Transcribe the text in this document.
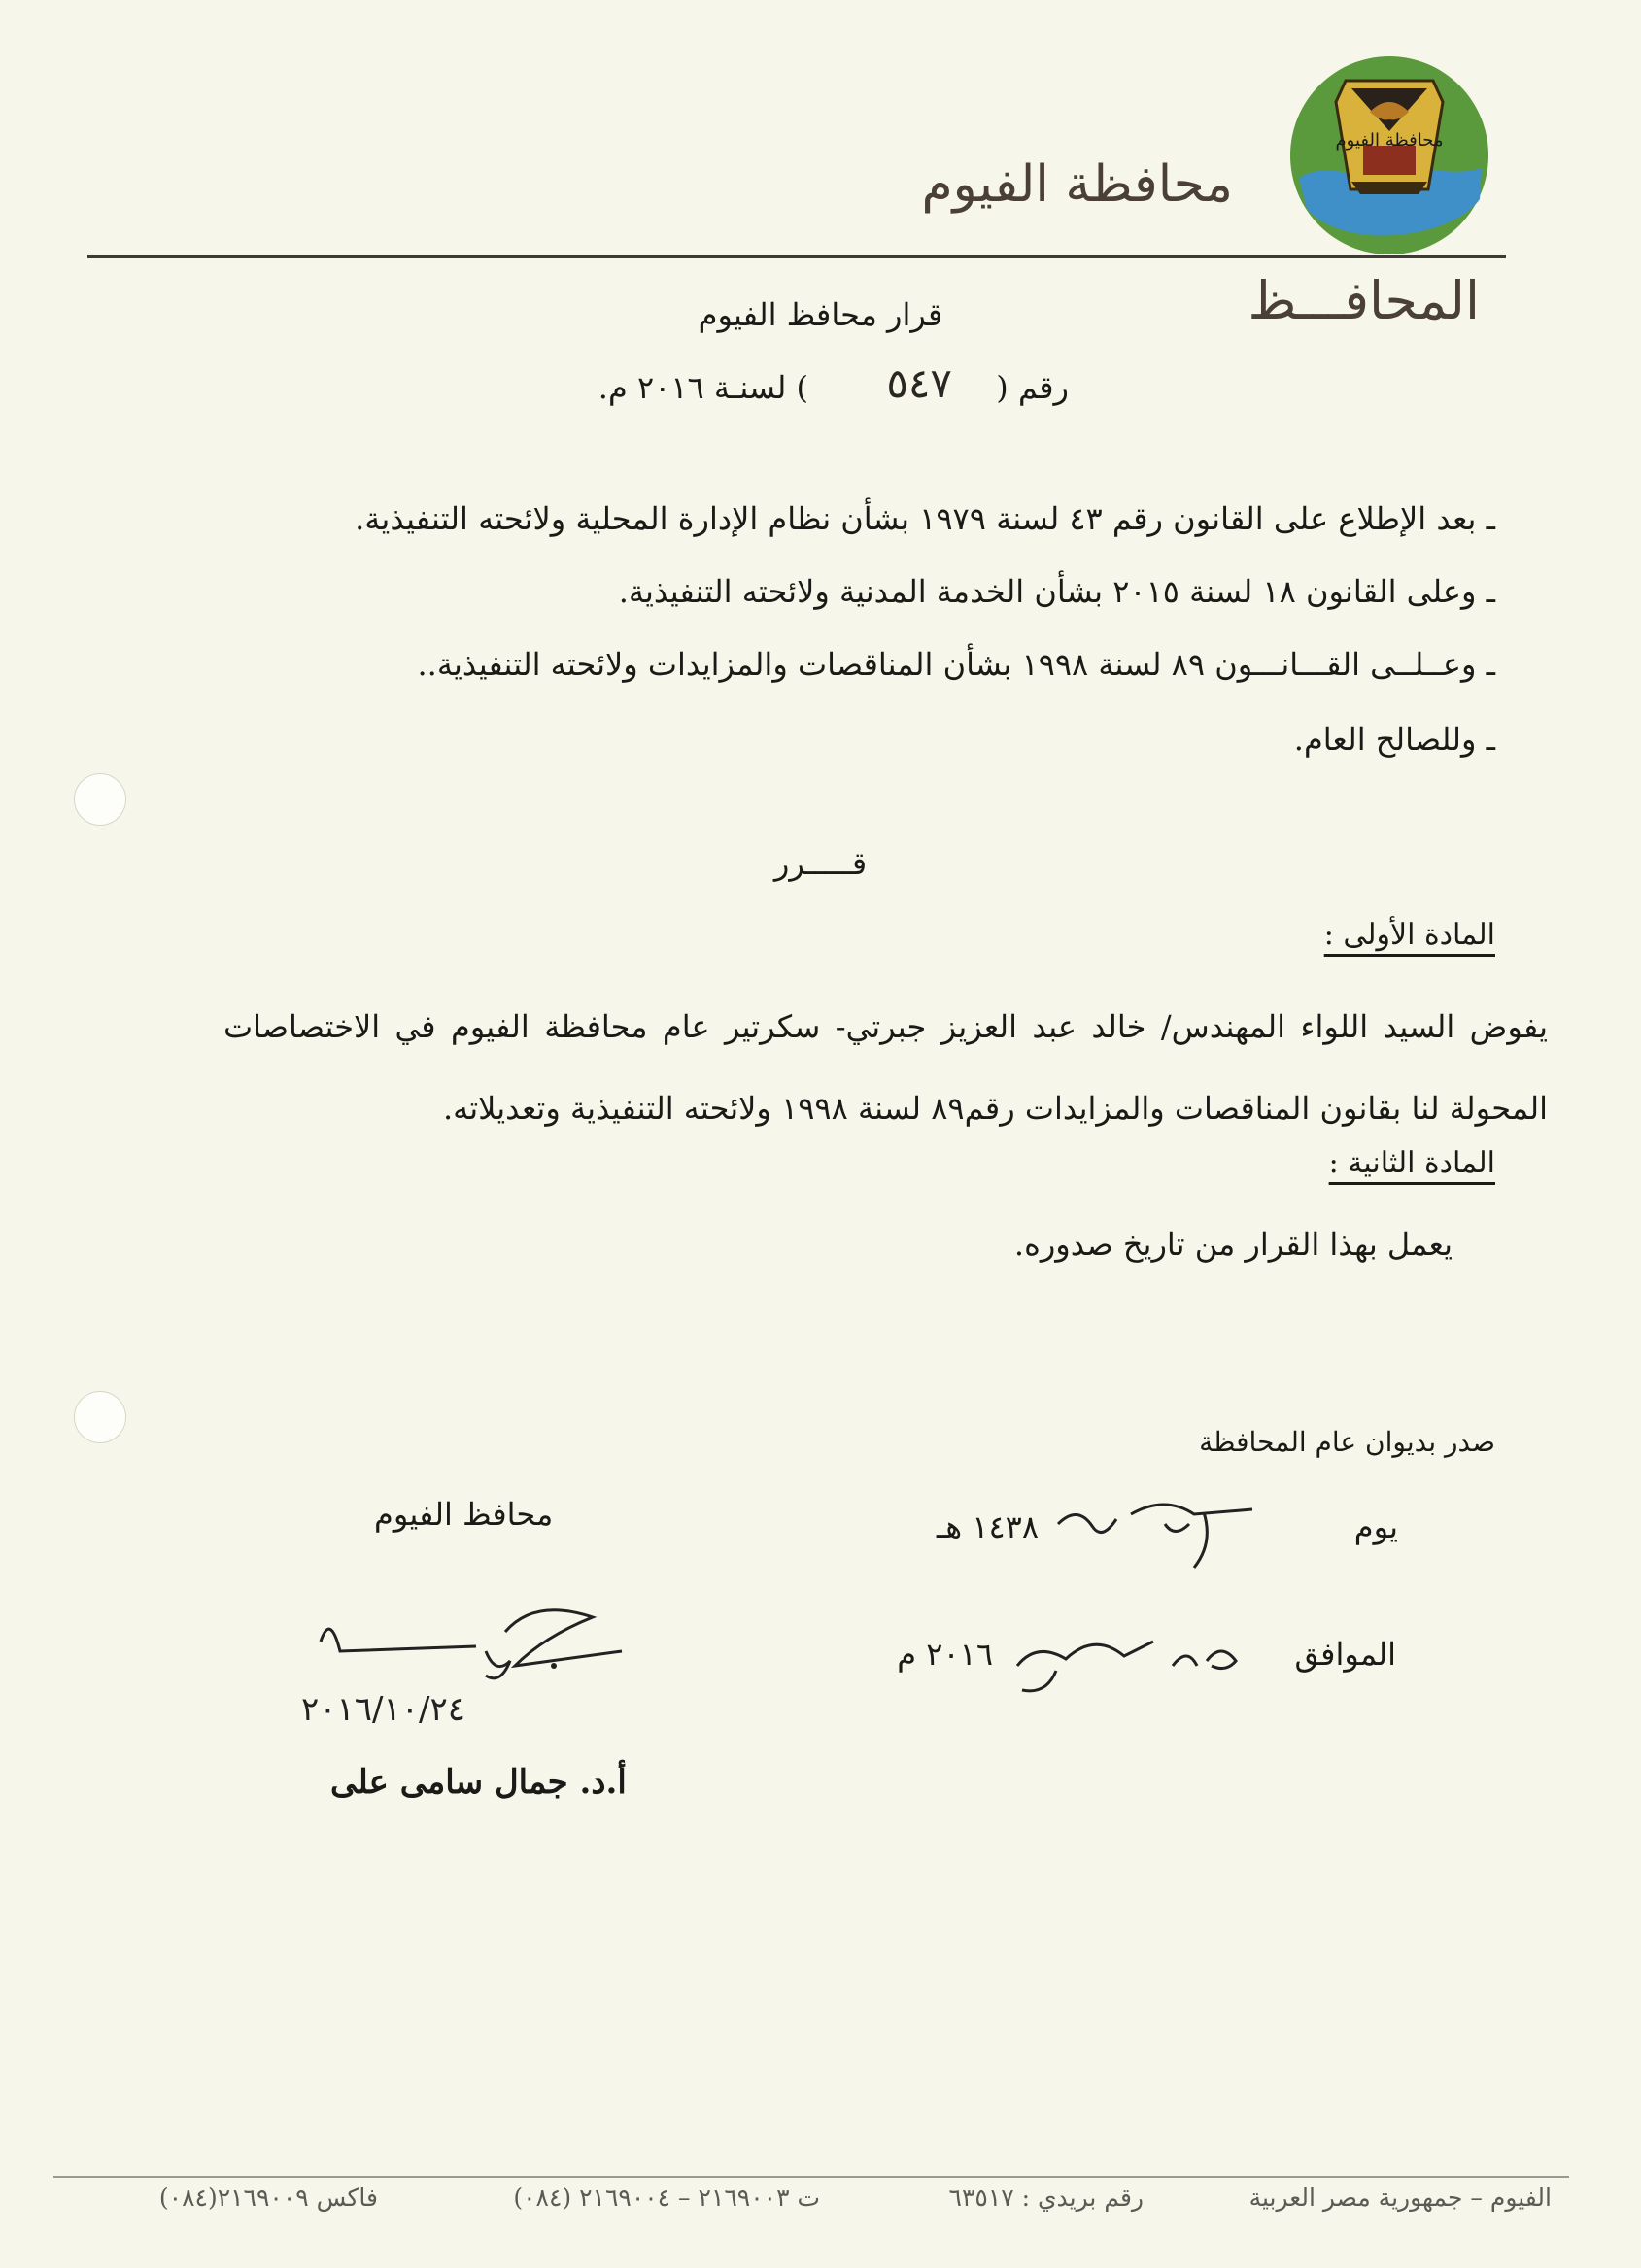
محافظة الفيوم
محافظة الفيوم
المحافـــظ
قرار محافظ الفيوم
رقم (
٥٤٧
) لسنـة ٢٠١٦ م.
ـ بعد الإطلاع على القانون رقم ٤٣ لسنة ١٩٧٩ بشأن نظام الإدارة المحلية ولائحته التنفيذية.
ـ وعلى القانون ١٨ لسنة ٢٠١٥ بشأن الخدمة المدنية ولائحته التنفيذية.
ـ وعــلــى القـــانـــون ٨٩ لسنة ١٩٩٨ بشأن المناقصات والمزايدات ولائحته التنفيذية..
ـ وللصالح العام.
قـــــرر
المادة الأولى :
يفوض السيد اللواء المهندس/ خالد عبد العزيز جبرتي- سكرتير عام محافظة الفيوم في الاختصاصات المحولة لنا بقانون المناقصات والمزايدات رقم٨٩ لسنة ١٩٩٨ ولائحته التنفيذية وتعديلاته.
المادة الثانية :
يعمل بهذا القرار من تاريخ صدوره.
صدر بديوان عام المحافظة
يوم
٢٢ محرم
١٤٣٨ هـ
الموافق
٢٤ أكتوبر
٢٠١٦ م
محافظ الفيوم
٢٠١٦/١٠/٢٤
أ.د. جمال سامى على
الفيوم – جمهورية مصر العربية
رقم بريدي : ٦٣٥١٧
ت ٢١٦٩٠٠٣ – ٢١٦٩٠٠٤ (٠٨٤)
فاكس ٢١٦٩٠٠٩(٠٨٤)
